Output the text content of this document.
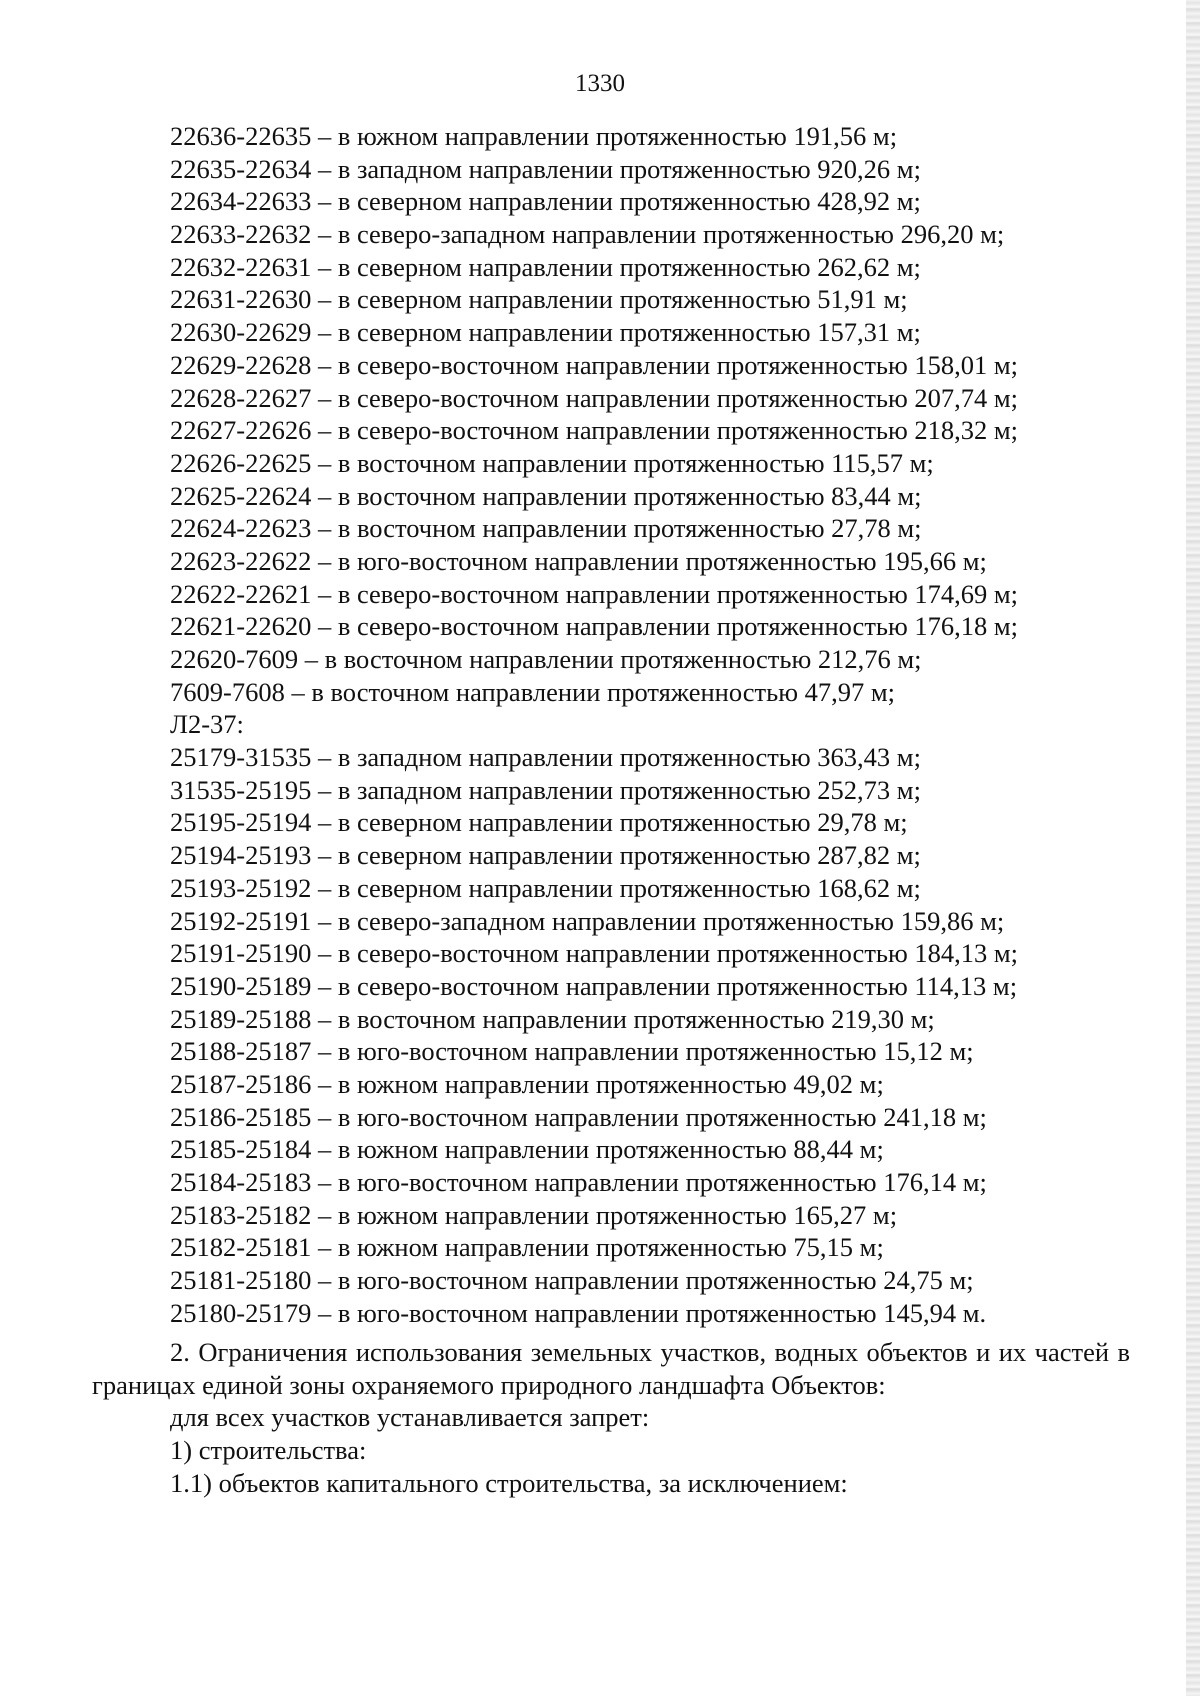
1330
22636-22635 – в южном направлении протяженностью 191,56 м;
22635-22634 – в западном направлении протяженностью 920,26 м;
22634-22633 – в северном направлении протяженностью 428,92 м;
22633-22632 – в северо-западном направлении протяженностью 296,20 м;
22632-22631 – в северном направлении протяженностью 262,62 м;
22631-22630 – в северном направлении протяженностью 51,91 м;
22630-22629 – в северном направлении протяженностью 157,31 м;
22629-22628 – в северо-восточном направлении протяженностью 158,01 м;
22628-22627 – в северо-восточном направлении протяженностью 207,74 м;
22627-22626 – в северо-восточном направлении протяженностью 218,32 м;
22626-22625 – в восточном направлении протяженностью 115,57 м;
22625-22624 – в восточном направлении протяженностью 83,44 м;
22624-22623 – в восточном направлении протяженностью 27,78 м;
22623-22622 – в юго-восточном направлении протяженностью 195,66 м;
22622-22621 – в северо-восточном направлении протяженностью 174,69 м;
22621-22620 – в северо-восточном направлении протяженностью 176,18 м;
22620-7609 – в восточном направлении протяженностью 212,76 м;
7609-7608 – в восточном направлении протяженностью 47,97 м;
Л2-37:
25179-31535 – в западном направлении протяженностью 363,43 м;
31535-25195 – в западном направлении протяженностью 252,73 м;
25195-25194 – в северном направлении протяженностью 29,78 м;
25194-25193 – в северном направлении протяженностью 287,82 м;
25193-25192 – в северном направлении протяженностью 168,62 м;
25192-25191 – в северо-западном направлении протяженностью 159,86 м;
25191-25190 – в северо-восточном направлении протяженностью 184,13 м;
25190-25189 – в северо-восточном направлении протяженностью 114,13 м;
25189-25188 – в восточном направлении протяженностью 219,30 м;
25188-25187 – в юго-восточном направлении протяженностью 15,12 м;
25187-25186 – в южном направлении протяженностью 49,02 м;
25186-25185 – в юго-восточном направлении протяженностью 241,18 м;
25185-25184 – в южном направлении протяженностью 88,44 м;
25184-25183 – в юго-восточном направлении протяженностью 176,14 м;
25183-25182 – в южном направлении протяженностью 165,27 м;
25182-25181 – в южном направлении протяженностью 75,15 м;
25181-25180 – в юго-восточном направлении протяженностью 24,75 м;
25180-25179 – в юго-восточном направлении протяженностью 145,94 м.
2. Ограничения использования земельных участков, водных объектов и их частей в границах единой зоны охраняемого природного ландшафта Объектов:
для всех участков устанавливается запрет:
1) строительства:
1.1) объектов капитального строительства, за исключением:
